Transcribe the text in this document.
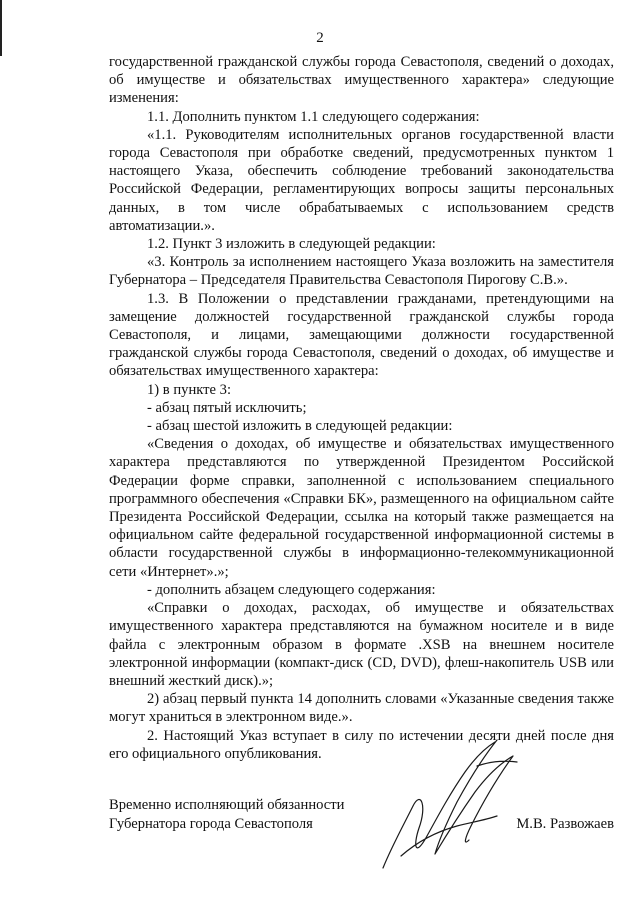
2

государственной гражданской службы города Севастополя, сведений о доходах, об имуществе и обязательствах имущественного характера» следующие изменения:

1.1. Дополнить пунктом 1.1 следующего содержания:

«1.1. Руководителям исполнительных органов государственной власти города Севастополя при обработке сведений, предусмотренных пунктом 1 настоящего Указа, обеспечить соблюдение требований законодательства Российской Федерации, регламентирующих вопросы защиты персональных данных, в том числе обрабатываемых с использованием средств автоматизации.».

1.2. Пункт 3 изложить в следующей редакции:

«3. Контроль за исполнением настоящего Указа возложить на заместителя Губернатора – Председателя Правительства Севастополя Пирогову С.В.».

1.3. В Положении о представлении гражданами, претендующими на замещение должностей государственной гражданской службы города Севастополя, и лицами, замещающими должности государственной гражданской службы города Севастополя, сведений о доходах, об имуществе и обязательствах имущественного характера:

1) в пункте 3:

- абзац пятый исключить;

- абзац шестой изложить в следующей редакции:

«Сведения о доходах, об имуществе и обязательствах имущественного характера представляются по утвержденной Президентом Российской Федерации форме справки, заполненной с использованием специального программного обеспечения «Справки БК», размещенного на официальном сайте Президента Российской Федерации, ссылка на который также размещается на официальном сайте федеральной государственной информационной системы в области государственной службы в информационно-телекоммуникационной сети «Интернет».»;

- дополнить абзацем следующего содержания:

«Справки о доходах, расходах, об имуществе и обязательствах имущественного характера представляются на бумажном носителе и в виде файла с электронным образом в формате .XSB на внешнем носителе электронной информации (компакт-диск (CD, DVD), флеш-накопитель USB или внешний жесткий диск).»;

2) абзац первый пункта 14 дополнить словами «Указанные сведения также могут храниться в электронном виде.».

2. Настоящий Указ вступает в силу по истечении десяти дней после дня его официального опубликования.

Временно исполняющий обязанности
Губернатора города Севастополя	М.В. Развожаев
